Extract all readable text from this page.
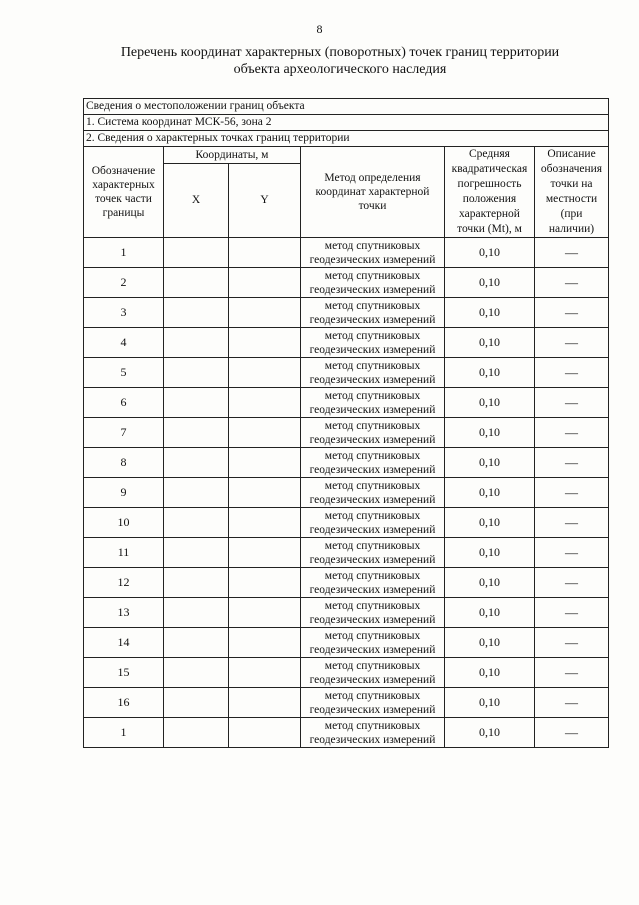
8
Перечень координат характерных (поворотных) точек границ территории
объекта археологического наследия
Сведения о местоположении границ объекта					
1. Система координат МСК-56, зона 2					
2. Сведения о характерных точках границ территории					
Обозначение характерных точек части границы	Координаты, м		Метод определения координат характерной точки	Средняя квадратическая погрешность положения характерной точки (Mt), м	Описание обозначения точки на местности (при наличии)
	X	Y			
1			метод спутниковых
геодезических измерений	0,10	—
2			метод спутниковых
геодезических измерений	0,10	—
3			метод спутниковых
геодезических измерений	0,10	—
4			метод спутниковых
геодезических измерений	0,10	—
5			метод спутниковых
геодезических измерений	0,10	—
6			метод спутниковых
геодезических измерений	0,10	—
7			метод спутниковых
геодезических измерений	0,10	—
8			метод спутниковых
геодезических измерений	0,10	—
9			метод спутниковых
геодезических измерений	0,10	—
10			метод спутниковых
геодезических измерений	0,10	—
11			метод спутниковых
геодезических измерений	0,10	—
12			метод спутниковых
геодезических измерений	0,10	—
13			метод спутниковых
геодезических измерений	0,10	—
14			метод спутниковых
геодезических измерений	0,10	—
15			метод спутниковых
геодезических измерений	0,10	—
16			метод спутниковых
геодезических измерений	0,10	—
1			метод спутниковых
геодезических измерений	0,10	—
